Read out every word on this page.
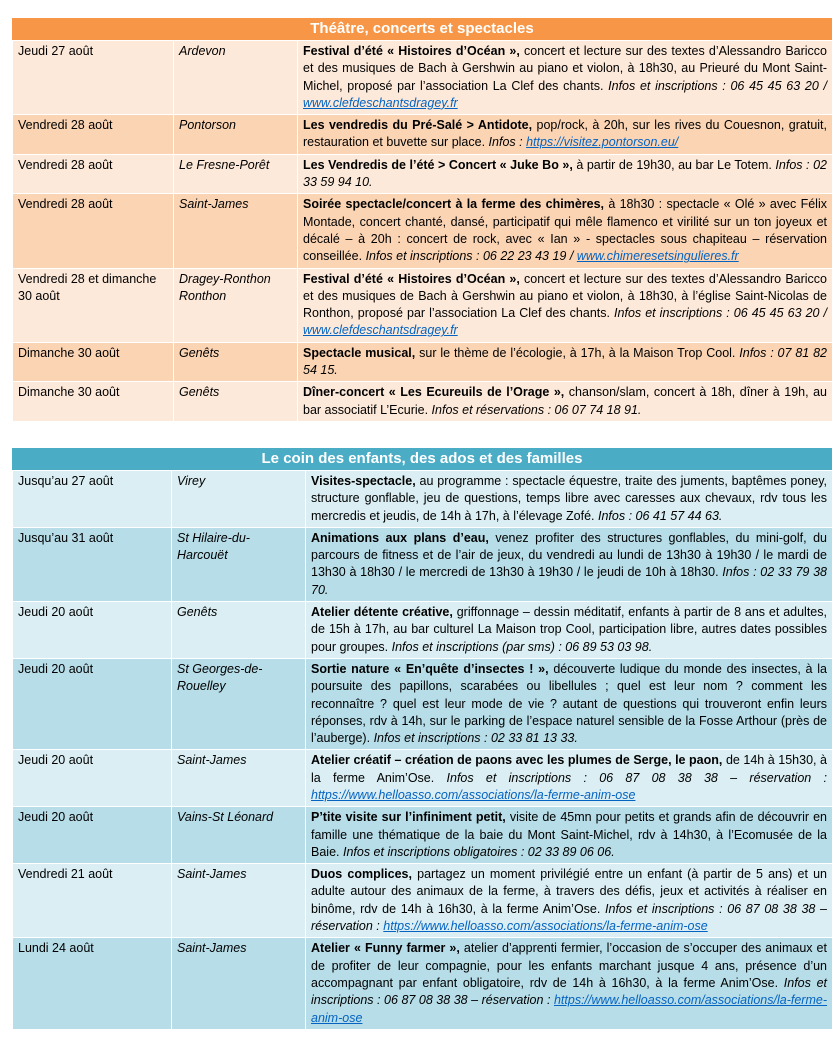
Théâtre, concerts et spectacles
Jeudi 27 août	Ardevon	Festival d’été « Histoires d’Océan », concert et lecture sur des textes d’Alessandro Baricco et des musiques de Bach à Gershwin au piano et violon, à 18h30, au Prieuré du Mont Saint-Michel, proposé par l’association La Clef des chants. Infos et inscriptions : 06 45 45 63 20 / www.clefdeschantsdragey.fr
Vendredi 28 août	Pontorson	Les vendredis du Pré-Salé > Antidote, pop/rock, à 20h, sur les rives du Couesnon, gratuit, restauration et buvette sur place. Infos : https://visitez.pontorson.eu/
Vendredi 28 août	Le Fresne-Porêt	Les Vendredis de l’été > Concert « Juke Bo », à partir de 19h30, au bar Le Totem. Infos : 02 33 59 94 10.
Vendredi 28 août	Saint-James	Soirée spectacle/concert à la ferme des chimères, à 18h30 : spectacle « Olé » avec Félix Montade, concert chanté, dansé, participatif qui mêle flamenco et virilité sur un ton joyeux et décalé – à 20h : concert de rock, avec « Ian » - spectacles sous chapiteau – réservation conseillée. Infos et inscriptions : 06 22 23 43 19 / www.chimeresetsingulieres.fr
Vendredi 28 et dimanche 30 août	Dragey-Ronthon Ronthon	Festival d’été « Histoires d’Océan », concert et lecture sur des textes d’Alessandro Baricco et des musiques de Bach à Gershwin au piano et violon, à 18h30, à l’église Saint-Nicolas de Ronthon, proposé par l’association La Clef des chants. Infos et inscriptions : 06 45 45 63 20 / www.clefdeschantsdragey.fr
Dimanche 30 août	Genêts	Spectacle musical, sur le thème de l’écologie, à 17h, à la Maison Trop Cool. Infos : 07 81 82 54 15.
Dimanche 30 août	Genêts	Dîner-concert « Les Ecureuils de l’Orage », chanson/slam, concert à 18h, dîner à 19h, au bar associatif L’Ecurie. Infos et réservations : 06 07 74 18 91.
Le coin des enfants, des ados et des familles
Jusqu’au 27 août	Virey	Visites-spectacle, au programme : spectacle équestre, traite des juments, baptêmes poney, structure gonflable, jeu de questions, temps libre avec caresses aux chevaux, rdv tous les mercredis et jeudis, de 14h à 17h, à l’élevage Zofé. Infos : 06 41 57 44 63.
Jusqu’au 31 août	St Hilaire-du-Harcouët	Animations aux plans d’eau, venez profiter des structures gonflables, du mini-golf, du parcours de fitness et de l’air de jeux, du vendredi au lundi de 13h30 à 19h30 / le mardi de 13h30 à 18h30 / le mercredi de 13h30 à 19h30 / le jeudi de 10h à 18h30. Infos : 02 33 79 38 70.
Jeudi 20 août	Genêts	Atelier détente créative, griffonnage – dessin méditatif, enfants à partir de 8 ans et adultes, de 15h à 17h, au bar culturel La Maison trop Cool, participation libre, autres dates possibles pour groupes. Infos et inscriptions (par sms) : 06 89 53 03 98.
Jeudi 20 août	St Georges-de-Rouelley	Sortie nature « En’quête d’insectes ! », découverte ludique du monde des insectes, à la poursuite des papillons, scarabées ou libellules ; quel est leur nom ? comment les reconnaître ? quel est leur mode de vie ? autant de questions qui trouveront enfin leurs réponses, rdv à 14h, sur le parking de l’espace naturel sensible de la Fosse Arthour (près de l’auberge). Infos et inscriptions : 02 33 81 13 33.
Jeudi 20 août	Saint-James	Atelier créatif – création de paons avec les plumes de Serge, le paon, de 14h à 15h30, à la ferme Anim’Ose. Infos et inscriptions : 06 87 08 38 38 – réservation : https://www.helloasso.com/associations/la-ferme-anim-ose
Jeudi 20 août	Vains-St Léonard	P’tite visite sur l’infiniment petit, visite de 45mn pour petits et grands afin de découvrir en famille une thématique de la baie du Mont Saint-Michel, rdv à 14h30, à l’Ecomusée de la Baie. Infos et inscriptions obligatoires : 02 33 89 06 06.
Vendredi 21 août	Saint-James	Duos complices, partagez un moment privilégié entre un enfant (à partir de 5 ans) et un adulte autour des animaux de la ferme, à travers des défis, jeux et activités à réaliser en binôme, rdv de 14h à 16h30, à la ferme Anim’Ose. Infos et inscriptions : 06 87 08 38 38 – réservation : https://www.helloasso.com/associations/la-ferme-anim-ose
Lundi 24 août	Saint-James	Atelier « Funny farmer », atelier d’apprenti fermier, l’occasion de s’occuper des animaux et de profiter de leur compagnie, pour les enfants marchant jusque 4 ans, présence d’un accompagnant par enfant obligatoire, rdv de 14h à 16h30, à la ferme Anim’Ose. Infos et inscriptions : 06 87 08 38 38 – réservation : https://www.helloasso.com/associations/la-ferme-anim-ose
